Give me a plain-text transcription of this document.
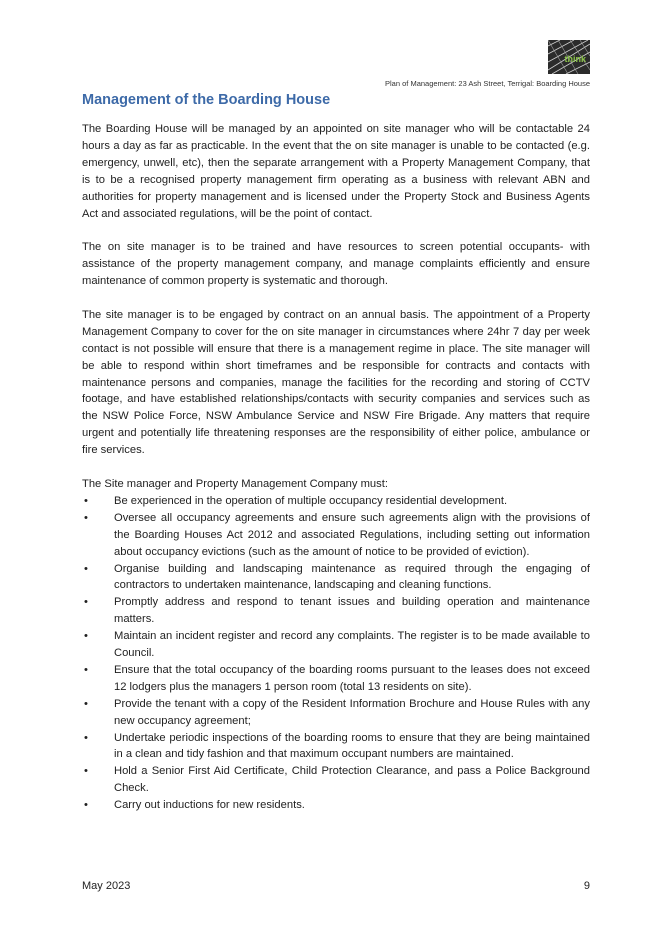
think
Plan of Management: 23 Ash Street, Terrigal: Boarding House
Management of the Boarding House

The Boarding House will be managed by an appointed on site manager who will be contactable 24 hours a day as far as practicable. In the event that the on site manager is unable to be contacted (e.g. emergency, unwell, etc), then the separate arrangement with a Property Management Company, that is to be a recognised property management firm operating as a business with relevant ABN and authorities for property management and is licensed under the Property Stock and Business Agents Act and associated regulations, will be the point of contact.

The on site manager is to be trained and have resources to screen potential occupants- with assistance of the property management company, and manage complaints efficiently and ensure maintenance of common property is systematic and thorough.

The site manager is to be engaged by contract on an annual basis. The appointment of a Property Management Company to cover for the on site manager in circumstances where 24hr 7 day per week contact is not possible will ensure that there is a management regime in place. The site manager will be able to respond within short timeframes and be responsible for contracts and contacts with maintenance persons and companies, manage the facilities for the recording and storing of CCTV footage, and have established relationships/contacts with security companies and services such as the NSW Police Force, NSW Ambulance Service and NSW Fire Brigade. Any matters that require urgent and potentially life threatening responses are the responsibility of either police, ambulance or fire services.

The Site manager and Property Management Company must:

• Be experienced in the operation of multiple occupancy residential development.
• Oversee all occupancy agreements and ensure such agreements align with the provisions of the Boarding Houses Act 2012 and associated Regulations, including setting out information about occupancy evictions (such as the amount of notice to be provided of eviction).
• Organise building and landscaping maintenance as required through the engaging of contractors to undertaken maintenance, landscaping and cleaning functions.
• Promptly address and respond to tenant issues and building operation and maintenance matters.
• Maintain an incident register and record any complaints. The register is to be made available to Council.
• Ensure that the total occupancy of the boarding rooms pursuant to the leases does not exceed 12 lodgers plus the managers 1 person room (total 13 residents on site).
• Provide the tenant with a copy of the Resident Information Brochure and House Rules with any new occupancy agreement;
• Undertake periodic inspections of the boarding rooms to ensure that they are being maintained in a clean and tidy fashion and that maximum occupant numbers are maintained.
• Hold a Senior First Aid Certificate, Child Protection Clearance, and pass a Police Background Check.
• Carry out inductions for new residents.
May 2023	9
